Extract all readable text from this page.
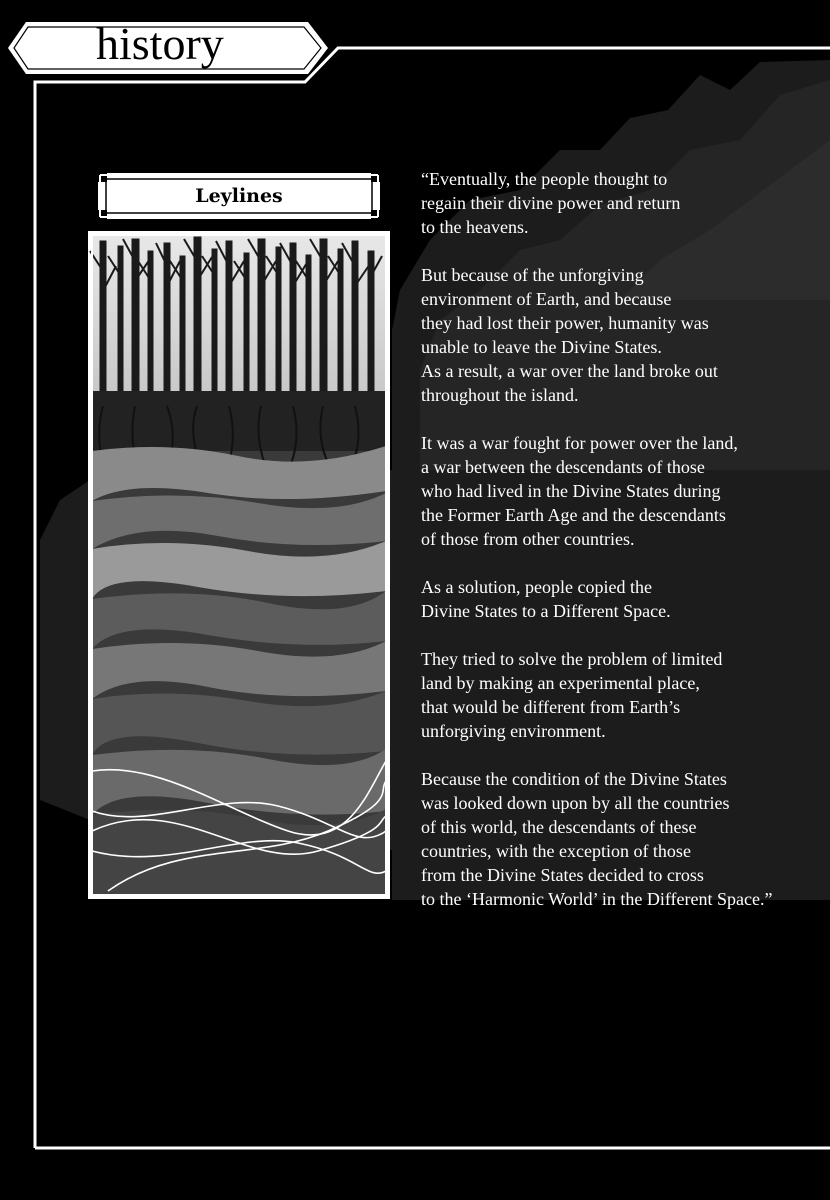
history
Leylines

“Eventually, the people thought to
regain their divine power and return
to the heavens.

But because of the unforgiving
environment of Earth, and because
they had lost their power, humanity was
unable to leave the Divine States.
As a result, a war over the land broke out
throughout the island.

It was a war fought for power over the land,
a war between the descendants of those
who had lived in the Divine States during
the Former Earth Age and the descendants
of those from other countries.

As a solution, people copied the
Divine States to a Different Space.

They tried to solve the problem of limited
land by making an experimental place,
that would be different from Earth’s
unforgiving environment.

Because the condition of the Divine States
was looked down upon by all the countries
of this world, the descendants of these
countries, with the exception of those
from the Divine States decided to cross
to the ‘Harmonic World’ in the Different Space.”
